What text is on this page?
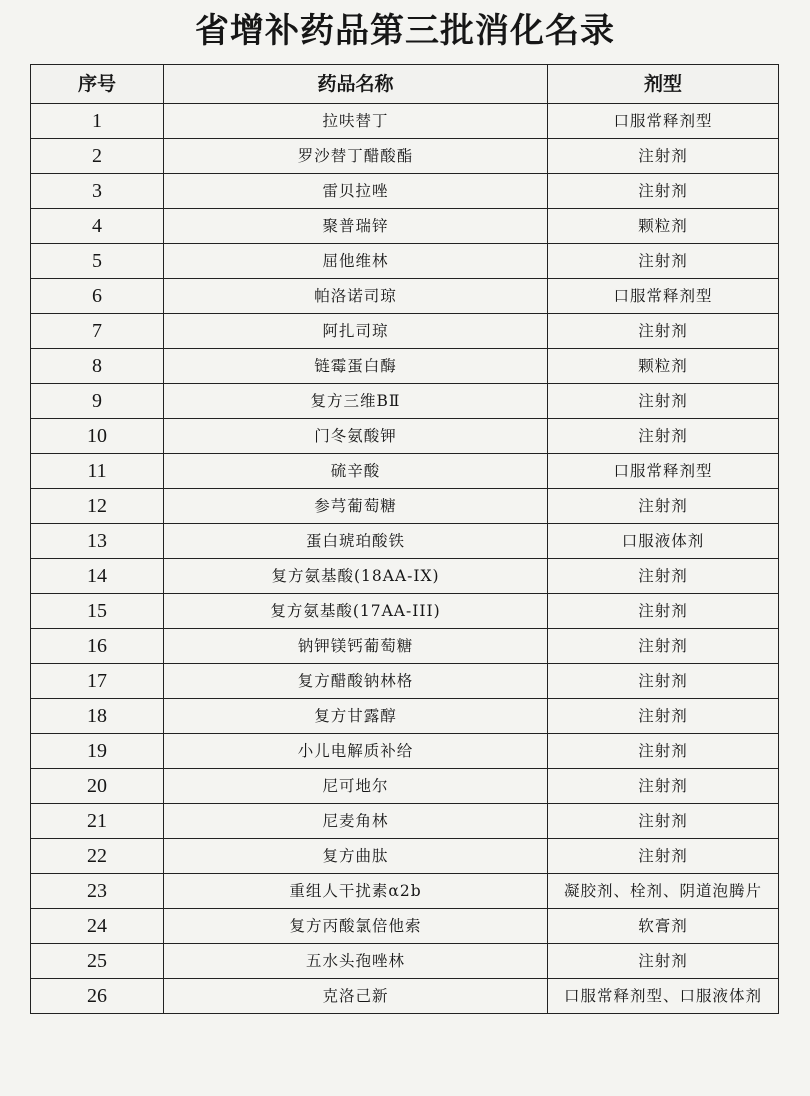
省增补药品第三批消化名录
序号	药品名称	剂型
1	拉呋替丁	口服常释剂型
2	罗沙替丁醋酸酯	注射剂
3	雷贝拉唑	注射剂
4	聚普瑞锌	颗粒剂
5	屈他维林	注射剂
6	帕洛诺司琼	口服常释剂型
7	阿扎司琼	注射剂
8	链霉蛋白酶	颗粒剂
9	复方三维BⅡ	注射剂
10	门冬氨酸钾	注射剂
11	硫辛酸	口服常释剂型
12	参芎葡萄糖	注射剂
13	蛋白琥珀酸铁	口服液体剂
14	复方氨基酸(18AA-IX)	注射剂
15	复方氨基酸(17AA-III)	注射剂
16	钠钾镁钙葡萄糖	注射剂
17	复方醋酸钠林格	注射剂
18	复方甘露醇	注射剂
19	小儿电解质补给	注射剂
20	尼可地尔	注射剂
21	尼麦角林	注射剂
22	复方曲肽	注射剂
23	重组人干扰素α2b	凝胶剂、栓剂、阴道泡腾片
24	复方丙酸氯倍他索	软膏剂
25	五水头孢唑林	注射剂
26	克洛己新	口服常释剂型、口服液体剂
